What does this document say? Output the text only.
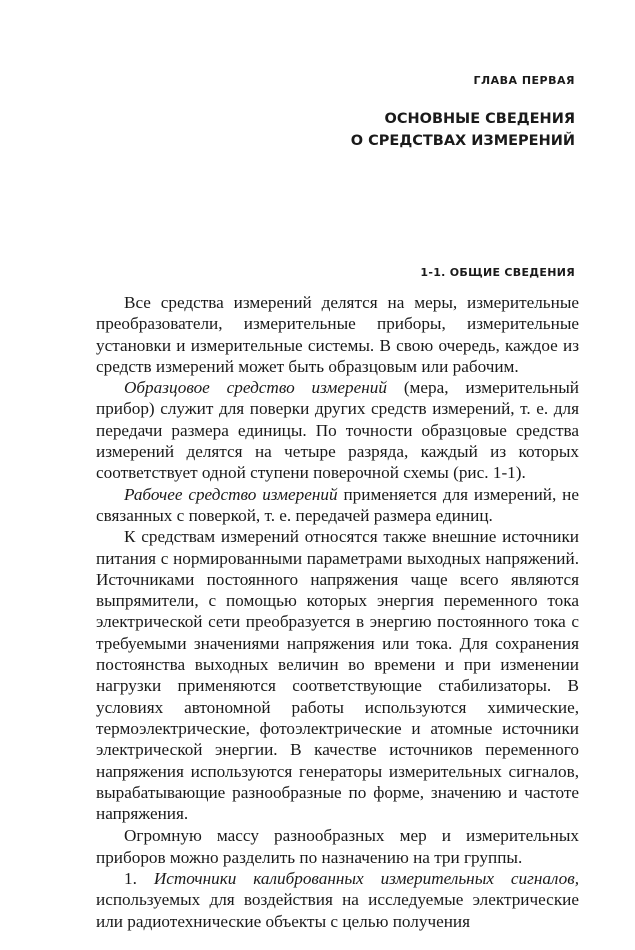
ГЛАВА ПЕРВАЯ
ОСНОВНЫЕ СВЕДЕНИЯ
О СРЕДСТВАХ ИЗМЕРЕНИЙ
1-1. ОБЩИЕ СВЕДЕНИЯ

Все средства измерений делятся на меры, измерительные преобразователи, измерительные приборы, измерительные установки и измерительные системы. В свою очередь, каждое из средств измерений может быть образцовым или рабочим.

Образцовое средство измерений (мера, измерительный прибор) служит для поверки других средств измерений, т. е. для передачи размера единицы. По точности образцовые средства измерений делятся на четыре разряда, каждый из которых соответствует одной ступени поверочной схемы (рис. 1-1).

Рабочее средство измерений применяется для измерений, не связанных с поверкой, т. е. передачей размера единиц.

К средствам измерений относятся также внешние источники питания с нормированными параметрами выходных напряжений. Источниками постоянного напряжения чаще всего являются выпрямители, с помощью которых энергия переменного тока электрической сети преобразуется в энергию постоянного тока с требуемыми значениями напряжения или тока. Для сохранения постоянства выходных величин во времени и при изменении нагрузки применяются соответствующие стабилизаторы. В условиях автономной работы используются химические, термоэлектрические, фотоэлектрические и атомные источники электрической энергии. В качестве источников переменного напряжения используются генераторы измерительных сигналов, вырабатывающие разнообразные по форме, значению и частоте напряжения.

Огромную массу разнообразных мер и измерительных приборов можно разделить по назначению на три группы.

1. Источники калиброванных измерительных сигналов, используемых для воздействия на исследуемые электрические или радиотехнические объекты с целью получения
